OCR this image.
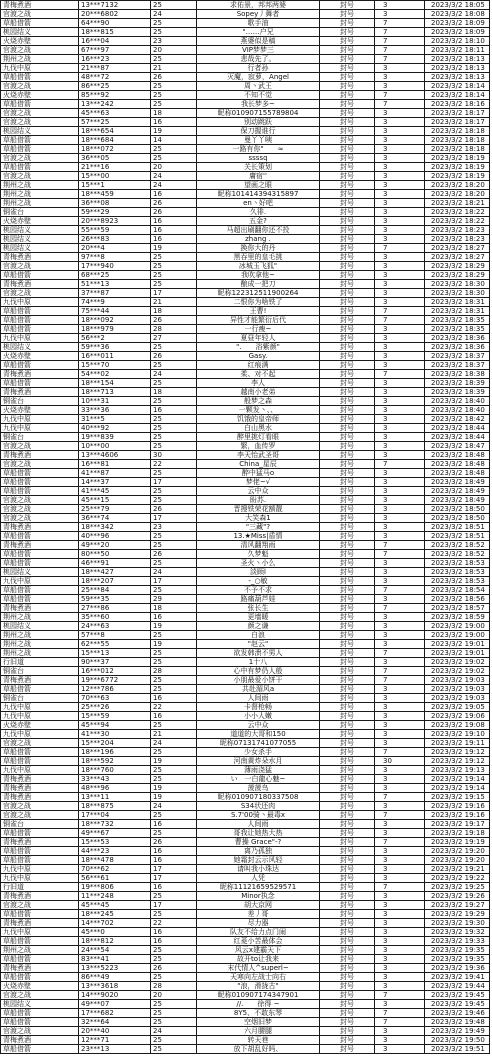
青梅煮酒	13***7132	25	求佑景，邦邦两婆	封号	3	2023/3/2 18:05
官渡之战	20***6802	24	Sopey丿舞者	封号	3	2023/3/2 18:08
草船借箭	64***90	25	歌手油	封号	7	2023/3/2 18:09
桃园结义	18***815	25	"……户兄	封号	7	2023/3/2 18:09
火烧赤壁	16***04	23	燕婆似是稿	封号	7	2023/3/2 18:10
官渡之战	67***97	20	VIP梦梦三	封号	7	2023/3/2 18:11
荆州之战	16***23	25	悲哉先了。	封号	7	2023/3/2 18:13
九伐中原	21***87	21	行者孙	封号	3	2023/3/2 18:13
草船借箭	48***72	26	灭魔，寂萝，Angel	封号	3	2023/3/2 18:13
官渡之战	86***25	25	周丶武王	封号	3	2023/3/2 18:14
火烧赤壁	85***92	25	不知不觉	封号	7	2023/3/2 18:14
草船借箭	13***242	25	我长梦多~	封号	7	2023/3/2 18:16
官渡之战	45***63	18	昵称01090715578980​4	封号	3	2023/3/2 18:17
官渡之战	57***25	16	别动跳跃	封号	3	2023/3/2 18:17
桃园结义	18***654	19	保刀握谁行	封号	3	2023/3/2 18:18
草船借箭	18***684	14	曼丫丫咦	封号	3	2023/3/2 18:18
草船借箭	18***072	25	一路有你"　　≈	封号	3	2023/3/2 18:18
官渡之战	36***05	25	ssssq	封号	3	2023/3/2 18:19
草船借箭	21***16	20	关长策划	封号	3	2023/3/2 18:19
官渡之战	15***00	24	庸宿''	封号	3	2023/3/2 18:19
荆州之战	15***1	24	望画之眼	封号	3	2023/3/2 18:20
荆州之战	18***459	16	昵称101414394315897	封号	3	2023/3/2 18:20
荆州之战	36***08	26	en丶好吧	封号	3	2023/3/2 18:21
铜雀台	59***29	26	久徘.	封号	3	2023/3/2 18:22
火烧赤壁	20***8923	16	五金?	封号	3	2023/3/2 18:22
桃园结义	55***59	16	马超出刷翻你还不投	封号	3	2023/3/2 18:23
桃园结义	26***83	16	zhang .	封号	3	2023/3/2 18:23
桃园结义	20***4	19	换你大的丹	封号	7	2023/3/2 18:27
青梅煮酒	97***8	25	黑吞里的皇毛挑	封号	3	2023/3/2 18:27
官渡之战	17***940	25	冰城玉飞狐"	封号	3	2023/3/2 18:29
草船借箭	68***25	25	我吹拿他~	封号	3	2023/3/2 18:29
青梅煮酒	51***13	25	酿成一把刀	封号	3	2023/3/2 18:30
官渡之战	37***87	17	昵称122312511900264	封号	3	2023/3/2 18:30
九伐中原	74***9	21	二恨你为啥铁了	封号	3	2023/3/2 18:31
草船借箭	75***44	18	王曹!	封号	7	2023/3/2 18:31
草船借箭	18***092	26	异性才能繁衍后代	封号	7	2023/3/2 18:35
草船借箭	18***979	28	一行瘦~	封号	3	2023/3/2 18:35
九伐中原	56***2	27	夏昼年轻人	封号	3	2023/3/2 18:36
桃园结义	59***36	25	".　　浴紫颜"	封号	3	2023/3/2 18:36
火烧赤壁	16***011	26	Gasy.	封号	3	2023/3/2 18:37
草船借箭	15***70	25	红痕满	封号	3	2023/3/2 18:37
青梅煮酒	54***02	24	柔、对不起	封号	7	2023/3/2 18:38
草船借箭	18***154	25	李人	封号	3	2023/3/2 18:39
青梅煮酒	18***713	18	越南小老弟	封号	3	2023/3/2 18:39
铜雀台	10***31	25	般梦之森	封号	3	2023/3/2 18:40
火烧赤壁	33***36	16	一颗发丶、、	封号	3	2023/3/2 18:40
九伐中原	31***5	25	饥饿的皇帝师	封号	3	2023/3/2 18:42
九伐中原	40***92	25	白山黑水	封号	3	2023/3/2 18:44
铜雀台	19***839	25	醉里挑灯看眼	封号	3	2023/3/2 18:44
官渡之战	10***00	25	繁，血传罗	封号	3	2023/3/2 18:47
青梅煮酒	13***4606	30	李天怡武圣哥	封号	3	2023/3/2 18:48
官渡之战	16***81	22	China_星辰	封号	7	2023/3/2 18:48
草船借箭	41***87	25	醉中猛马o	封号	3	2023/3/2 18:48
草船借箭	14***37	17	梦佬~√	封号	3	2023/3/2 18:49
草船借箭	41***45	25	云中众	封号	3	2023/3/2 18:49
官渡之战	45***15	25	盼苏.	封号	3	2023/3/2 18:49
官渡之战	25***79	26	晋搜铁荣花额靓	封号	3	2023/3/2 18:50
官渡之战	36***74	17	大笑森1	封号	3	2023/3/2 18:50
青梅煮酒	18***342	23	"三藏"?	封号	3	2023/3/2 18:51
草船借箭	40***96	25	13.★Miss|盾情	封号	3	2023/3/2 18:51
青梅煮酒	49***20	25	清风翻翔雨	封号	7	2023/3/2 18:52
草船借箭	80***50	26	久梦魁	封号	7	2023/3/2 18:52
草船借箭	46***91	25	圣火丶小么	封号	3	2023/3/2 18:53
桃园结义	18***427	24	淡顾l	封号	3	2023/3/2 18:53
九伐中原	18***207	17	-_○敏	封号	3	2023/3/2 18:53
草船借箭	25***84	25	不予不求	封号	7	2023/3/2 18:54
草船借箭	59***35	29	路痛葫芦娃	封号	3	2023/3/2 18:56
青梅煮酒	27***86	18	张长生	封号	7	2023/3/2 18:57
荆州之战	35***60	16	更墙暖	封号	3	2023/3/2 18:59
桃园结义	24***63	19	颜之谦	封号	3	2023/3/2 19:00
荆州之战	57***8	25	白浪	封号	3	2023/3/2 19:00
荆州之战	62***55	19	"赵云"	封号	3	2023/3/2 19:01
荆州之战	15***13	25	欲发韩溃不男人	封号	7	2023/3/2 19:01
行旧道	90***37	25	1十八	封号	3	2023/3/2 19:02
铜雀台	16***012	28	心中有梦仍人般	封号	7	2023/3/2 19:02
青梅煮酒	19***6772	25	小朋最爱小饼干	封号	7	2023/3/2 19:03
草船借箭	12***786	25	共赴湄风a	封号	3	2023/3/2 19:03
铜雀台	70***63	16	人间雨	封号	3	2023/3/2 19:03
九伐中原	25***26	22	卡督枪畅	封号	3	2023/3/2 19:05
九伐中原	15***59	16	小小人嫩	封号	3	2023/3/2 19:06
火烧赤壁	45***94	25	云中众	封号	3	2023/3/2 19:08
九伐中原	41***30	21	道道的大哥和150	封号	3	2023/3/2 19:10
官渡之战	15***204	24	昵称071317410770​55	封号	3	2023/3/2 19:11
草船借箭	18***196	25	少女杀手	封号	7	2023/3/2 19:12
草船借箭	18***592	19	河南黄炸朵水月	封号	30	2023/3/2 19:12
九伐中原	18***760	25	薄雨浇猛	封号	3	2023/3/2 19:13
青梅煮酒	33***43	25	い　一白龍心魅~	封号	3	2023/3/2 19:14
青梅煮酒	48***96	19	菠菠鸟	封号	3	2023/3/2 19:14
青梅煮酒	13***11	19	昵称010907180337508	封号	7	2023/3/2 19:15
官渡之战	18***875	24	S34状还肉	封号	3	2023/3/2 19:16
官渡之战	17***04	25	S.7'00骑丶最毒x	封号	7	2023/3/2 19:16
铜雀台	18***732	16	人间雨	封号	3	2023/3/2 19:17
草船借箭	49***67	25	哥我让她热大热	封号	3	2023/3/2 19:18
青梅煮酒	15***53	26	曹操 Grace"-?	封号	7	2023/3/2 19:19
草船借箭	44***23	16	离乃孤独	封号	3	2023/3/2 19:20
草船借箭	18***478	16	她霜封云示风轻	封号	3	2023/3/2 19:20
九伐中原	70***62	17	请叫我小珠达	封号	3	2023/3/2 19:21
九伐中原	56***61	17	人凭	封号	3	2023/3/2 19:22
行旧道	19***806	16	昵称1112165​9529571	封号	7	2023/3/2 19:25
青梅煮酒	11***248	25	Minor执念	封号	3	2023/3/2 19:26
官渡之战	45***45	17	胡大京网	封号	3	2023/3/2 19:27
草船借箭	18***245	25	差丿哥	封号	3	2023/3/2 19:29
青梅煮酒	14***702	22	尽力器	封号	3	2023/3/2 19:30
九伐中原	45***0	16	队友不给力点门闹	封号	3	2023/3/2 19:32
草船借箭	18***812	16	红菱小苦最体会	封号	3	2023/3/2 19:33
荆州之战	24***54	25	风云x建霸天下	封号	3	2023/3/2 19:35
草船借箭	83***41	25	故开to让我来	封号	3	2023/3/2 19:35
青梅煮酒	13***5223	26	末代情人^superl~	封号	3	2023/3/2 19:36
草船借箭	86***49	25	天寒向左战士向右	封号	3	2023/3/2 19:41
火烧赤壁	13***3618	28	"浪，滑拢古"	封号	3	2023/3/2 19:44
官渡之战	14***9020	20	昵称010907174347901	封号	7	2023/3/2 19:45
桃园结义	49***07	25	//.　　徐得 ~	封号	3	2023/3/2 19:45
草船借箭	17***682	25	8Y5、不敢东琴	封号	7	2023/3/2 19:46
草船借箭	32***64	25	空烟旧梦	封号	7	2023/3/2 19:48
官渡之战	20***40	24	六月腰腿	封号	3	2023/3/2 19:49
青梅煮酒	12***71	25	转天巷	封号	3	2023/3/2 19:50
草船借箭	23***13	25	放下胡乱好吗、	封号	3	2023/3/2 19:51
